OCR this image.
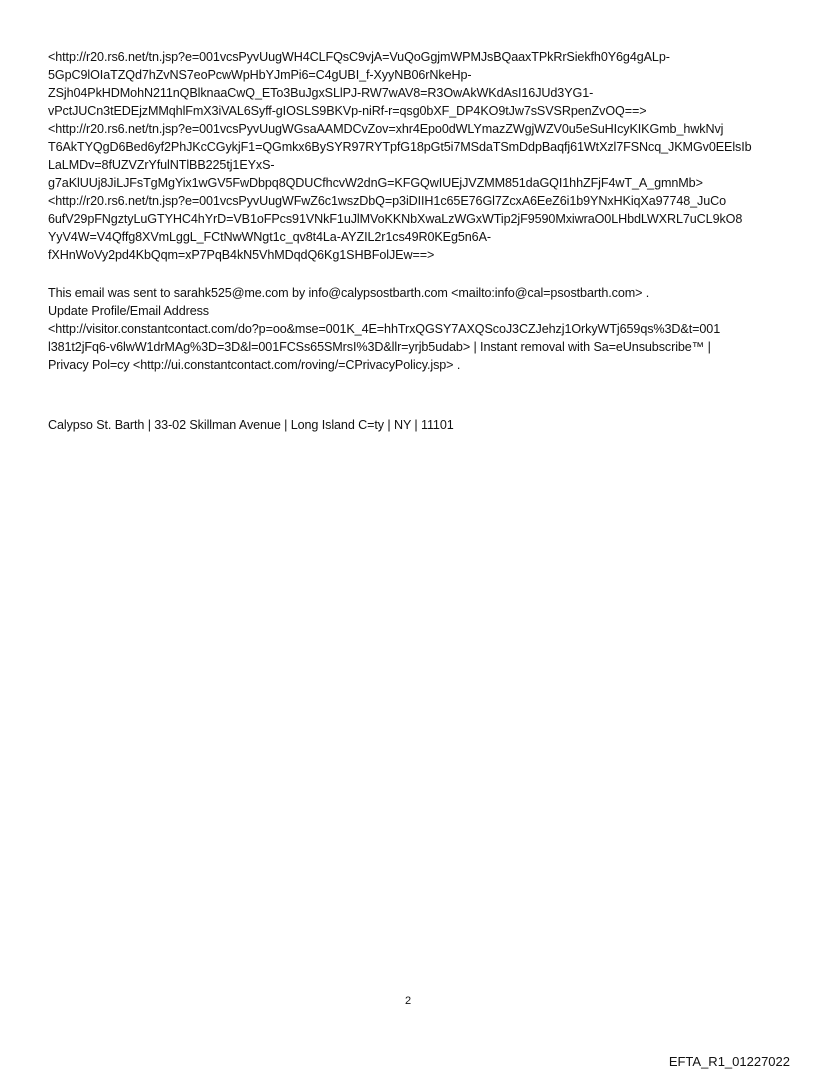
<http://r20.rs6.net/tn.jsp?e=001vcsPyvUugWH4CLFQsC9vjA=VuQoGgjmWPMJsBQaaxTPkRrSiekfh0Y6g4gALp-
5GpC9lOIaTZQd7hZvNS7eoPcwWpHbYJmPi6=C4gUBI_f-XyyNB06rNkeHp-
ZSjh04PkHDMohN211nQBlknaaCwQ_ETo3BuJgxSLlPJ-RW7wAV8=R3OwAkWKdAsI16JUd3YG1-
vPctJUCn3tEDEjzMMqhlFmX3iVAL6Syff-gIOSLS9BKVp-niRf-r=qsg0bXF_DP4KO9tJw7sSVSRpenZvOQ==>
<http://r20.rs6.net/tn.jsp?e=001vcsPyvUugWGsaAAMDCvZov=xhr4Epo0dWLYmazZWgjWZV0u5eSuHIcyKIKGmb_hwkNvj
T6AkTYQgD6Bed6yf2PhJKcCGykjF1=QGmkx6BySYR97RYTpfG18pGt5i7MSdaTSmDdpBaqfj61WtXzl7FSNcq_JKMGv0EElsIb
LaLMDv=8fUZVZrYfulNTlBB225tj1EYxS-
g7aKlUUj8JiLJFsTgMgYix1wGV5FwDbpq8QDUCfhcvW2dnG=KFGQwIUEjJVZMM851daGQI1hhZFjF4wT_A_gmnMb>
<http://r20.rs6.net/tn.jsp?e=001vcsPyvUugWFwZ6c1wszDbQ=p3iDIIH1c65E76Gl7ZcxA6EeZ6i1b9YNxHKiqXa97748_JuCo
6ufV29pFNgztyLuGTYHC4hYrD=VB1oFPcs91VNkF1uJlMVoKKNbXwaLzWGxWTip2jF9590MxiwraO0LHbdLWXRL7uCL9kO8
YyV4W=V4Qffg8XVmLggL_FCtNwWNgt1c_qv8t4La-AYZIL2r1cs49R0KEg5n6A-
fXHnWoVy2pd4KbQqm=xP7PqB4kN5VhMDqdQ6Kg1SHBFolJEw==>
This email was sent to sarahk525@me.com by info@calypsostbarth.com <mailto:info@cal=psostbarth.com> .
Update Profile/Email Address
<http://visitor.constantcontact.com/do?p=oo&mse=001K_4E=hhTrxQGSY7AXQScoJ3CZJehzj1OrkyWTj659qs%3D&t=001
l381t2jFq6-v6lwW1drMAg%3D=3D&l=001FCSs65SMrsI%3D&llr=yrjb5udab> | Instant removal with Sa=eUnsubscribe™ |
Privacy Pol=cy <http://ui.constantcontact.com/roving/=CPrivacyPolicy.jsp> .
Calypso St. Barth | 33-02 Skillman Avenue | Long Island C=ty | NY | 11101
2
EFTA_R1_01227022
